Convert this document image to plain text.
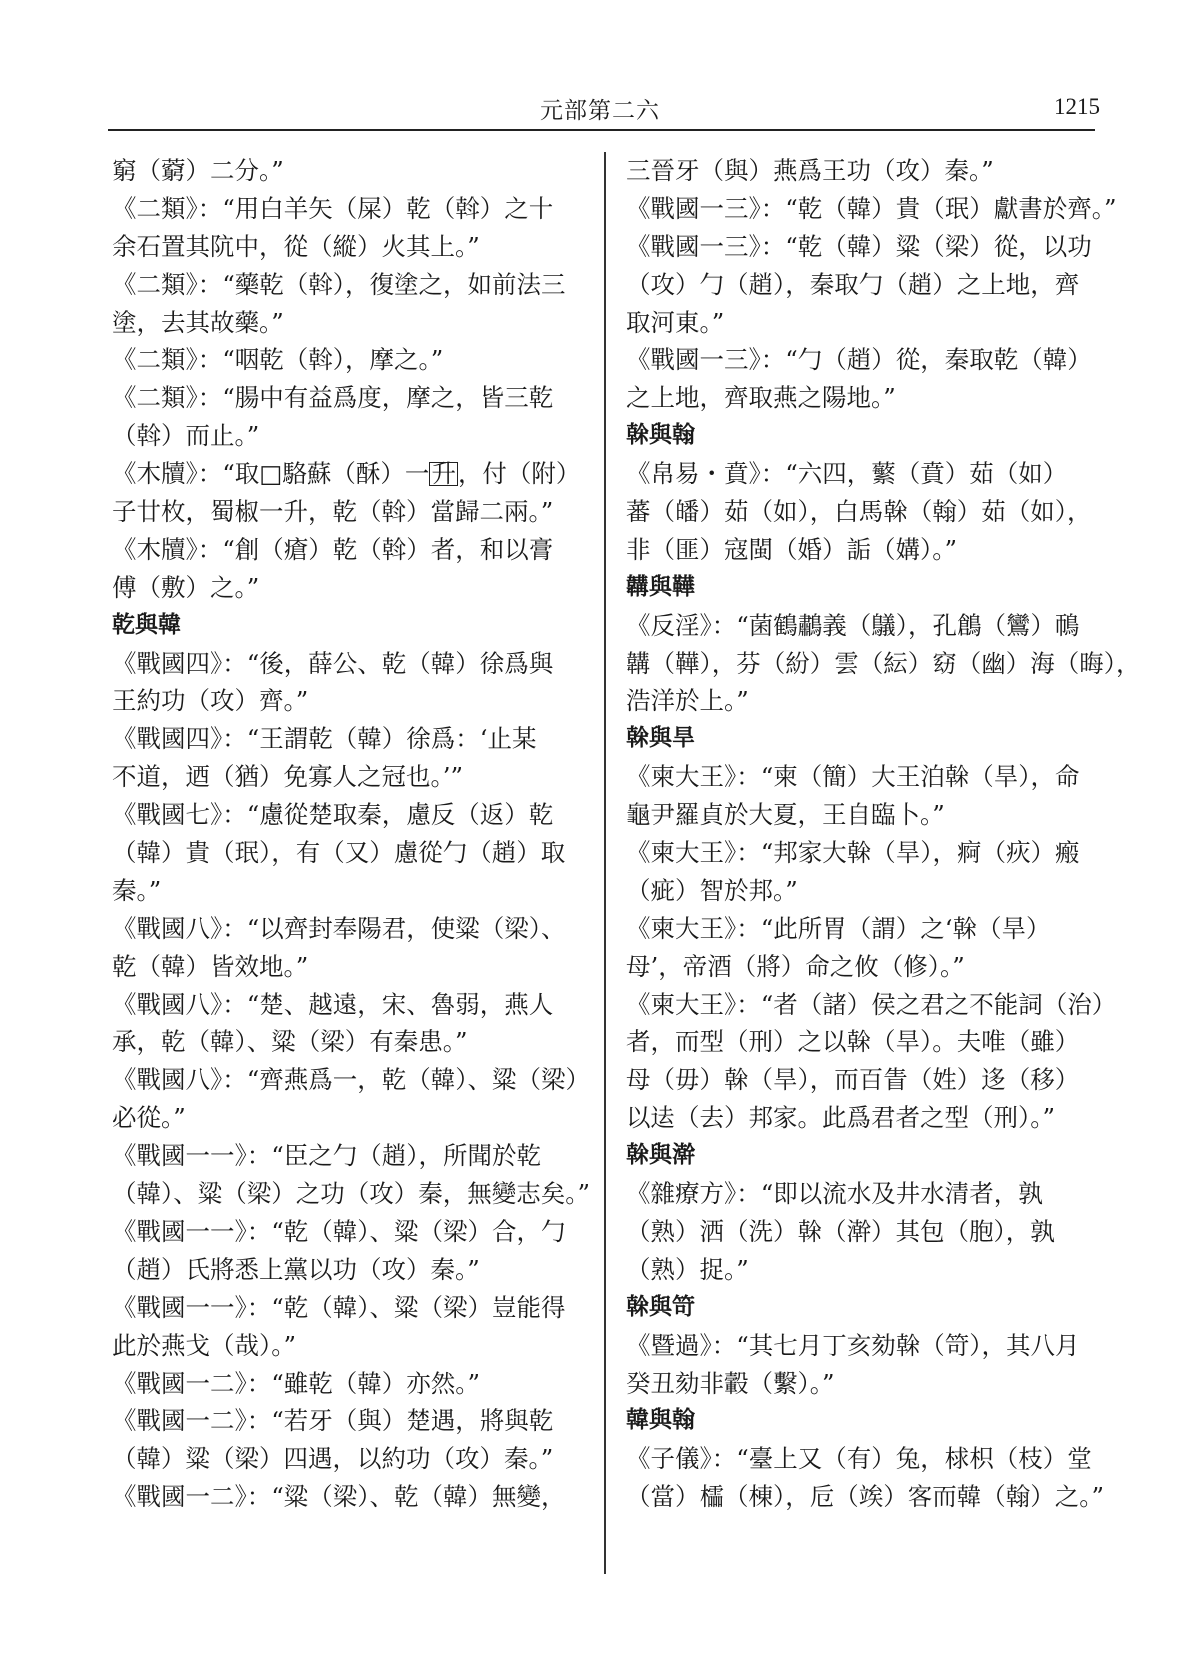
元部第二六	1215
窮（藭）二分。”
《二類》：“用白羊矢（屎）乾（斡）之十
余石置其阬中，從（縱）火其上。”
《二類》：“藥乾（斡），復塗之，如前法三
塗，去其故藥。”
《二類》：“咽乾（斡），摩之。”
《二類》：“腸中有益爲度，摩之，皆三乾
（斡）而止。”
《木牘》：“取□駱蘇（酥）一升，付（附）
子廿枚，蜀椒一升，乾（斡）當歸二兩。”
《木牘》：“創（瘡）乾（斡）者，和以膏
傅（敷）之。”
乾與韓
《戰國四》：“後，薛公、乾（韓）徐爲與
王約功（攻）齊。”
《戰國四》：“王謂乾（韓）徐爲：‘止某
不道，迺（猶）免寡人之冠也。’”
《戰國七》：“慮從楚取秦，慮反（返）乾
（韓）貴（珉），有（又）慮從勹（趙）取
秦。”
《戰國八》：“以齊封奉陽君，使粱（梁）、
乾（韓）皆效地。”
《戰國八》：“楚、越遠，宋、魯弱，燕人
承，乾（韓）、粱（梁）有秦患。”
《戰國八》：“齊燕爲一，乾（韓）、粱（梁）
必從。”
《戰國一一》：“臣之勹（趙），所聞於乾
（韓）、粱（梁）之功（攻）秦，無變志矣。”
《戰國一一》：“乾（韓）、粱（梁）合，勹
（趙）氏將悉上黨以功（攻）秦。”
《戰國一一》：“乾（韓）、粱（梁）豈能得
此於燕戈（哉）。”
《戰國一二》：“雖乾（韓）亦然。”
《戰國一二》：“若牙（與）楚遇，將與乾
（韓）粱（梁）四遇，以約功（攻）秦。”
《戰國一二》：“粱（梁）、乾（韓）無變，
三晉牙（與）燕爲王功（攻）秦。”
《戰國一三》：“乾（韓）貴（珉）獻書於齊。”
《戰國一三》：“乾（韓）粱（梁）從，以功
（攻）勹（趙），秦取勹（趙）之上地，齊
取河東。”
《戰國一三》：“勹（趙）從，秦取乾（韓）
之上地，齊取燕之陽地。”
榦與翰
《帛易・賁》：“六四，蘩（賁）茹（如）
蕃（皤）茹（如），白馬榦（翰）茹（如），
非（匪）寇閩（婚）詬（媾）。”
韝與鞾
《反淫》：“菌鶴鷫義（鸃），孔鶬（鸞）鳾
韝（鞾），芬（紛）雲（紜）窈（幽）海（晦），
浩洋於上。”
榦與旱
《柬大王》：“柬（簡）大王泊榦（旱），命
龜尹羅貞於大夏，王自臨卜。”
《柬大王》：“邦家大榦（旱），痾（疢）瘢
（疵）智於邦。”
《柬大王》：“此所胃（謂）之‘榦（旱）
母’，帝酒（將）命之攸（修）。”
《柬大王》：“者（諸）侯之君之不能詞（治）
者，而型（刑）之以榦（旱）。夫唯（雖）
母（毋）榦（旱），而百眚（姓）迻（移）
以迲（去）邦家。此爲君者之型（刑）。”
榦與澣
《雜療方》：“即以流水及井水清者，孰
（熟）洒（洗）榦（澣）其包（胞），孰
（熟）捉。”
榦與笴
《暨過》：“其七月丁亥劾榦（笴），其八月
癸丑劾非轂（繫）。”
韓與翰
《子儀》：“臺上又（有）兔，梂枳（枝）堂
（當）櫺（棟），卮（竢）客而韓（翰）之。”
